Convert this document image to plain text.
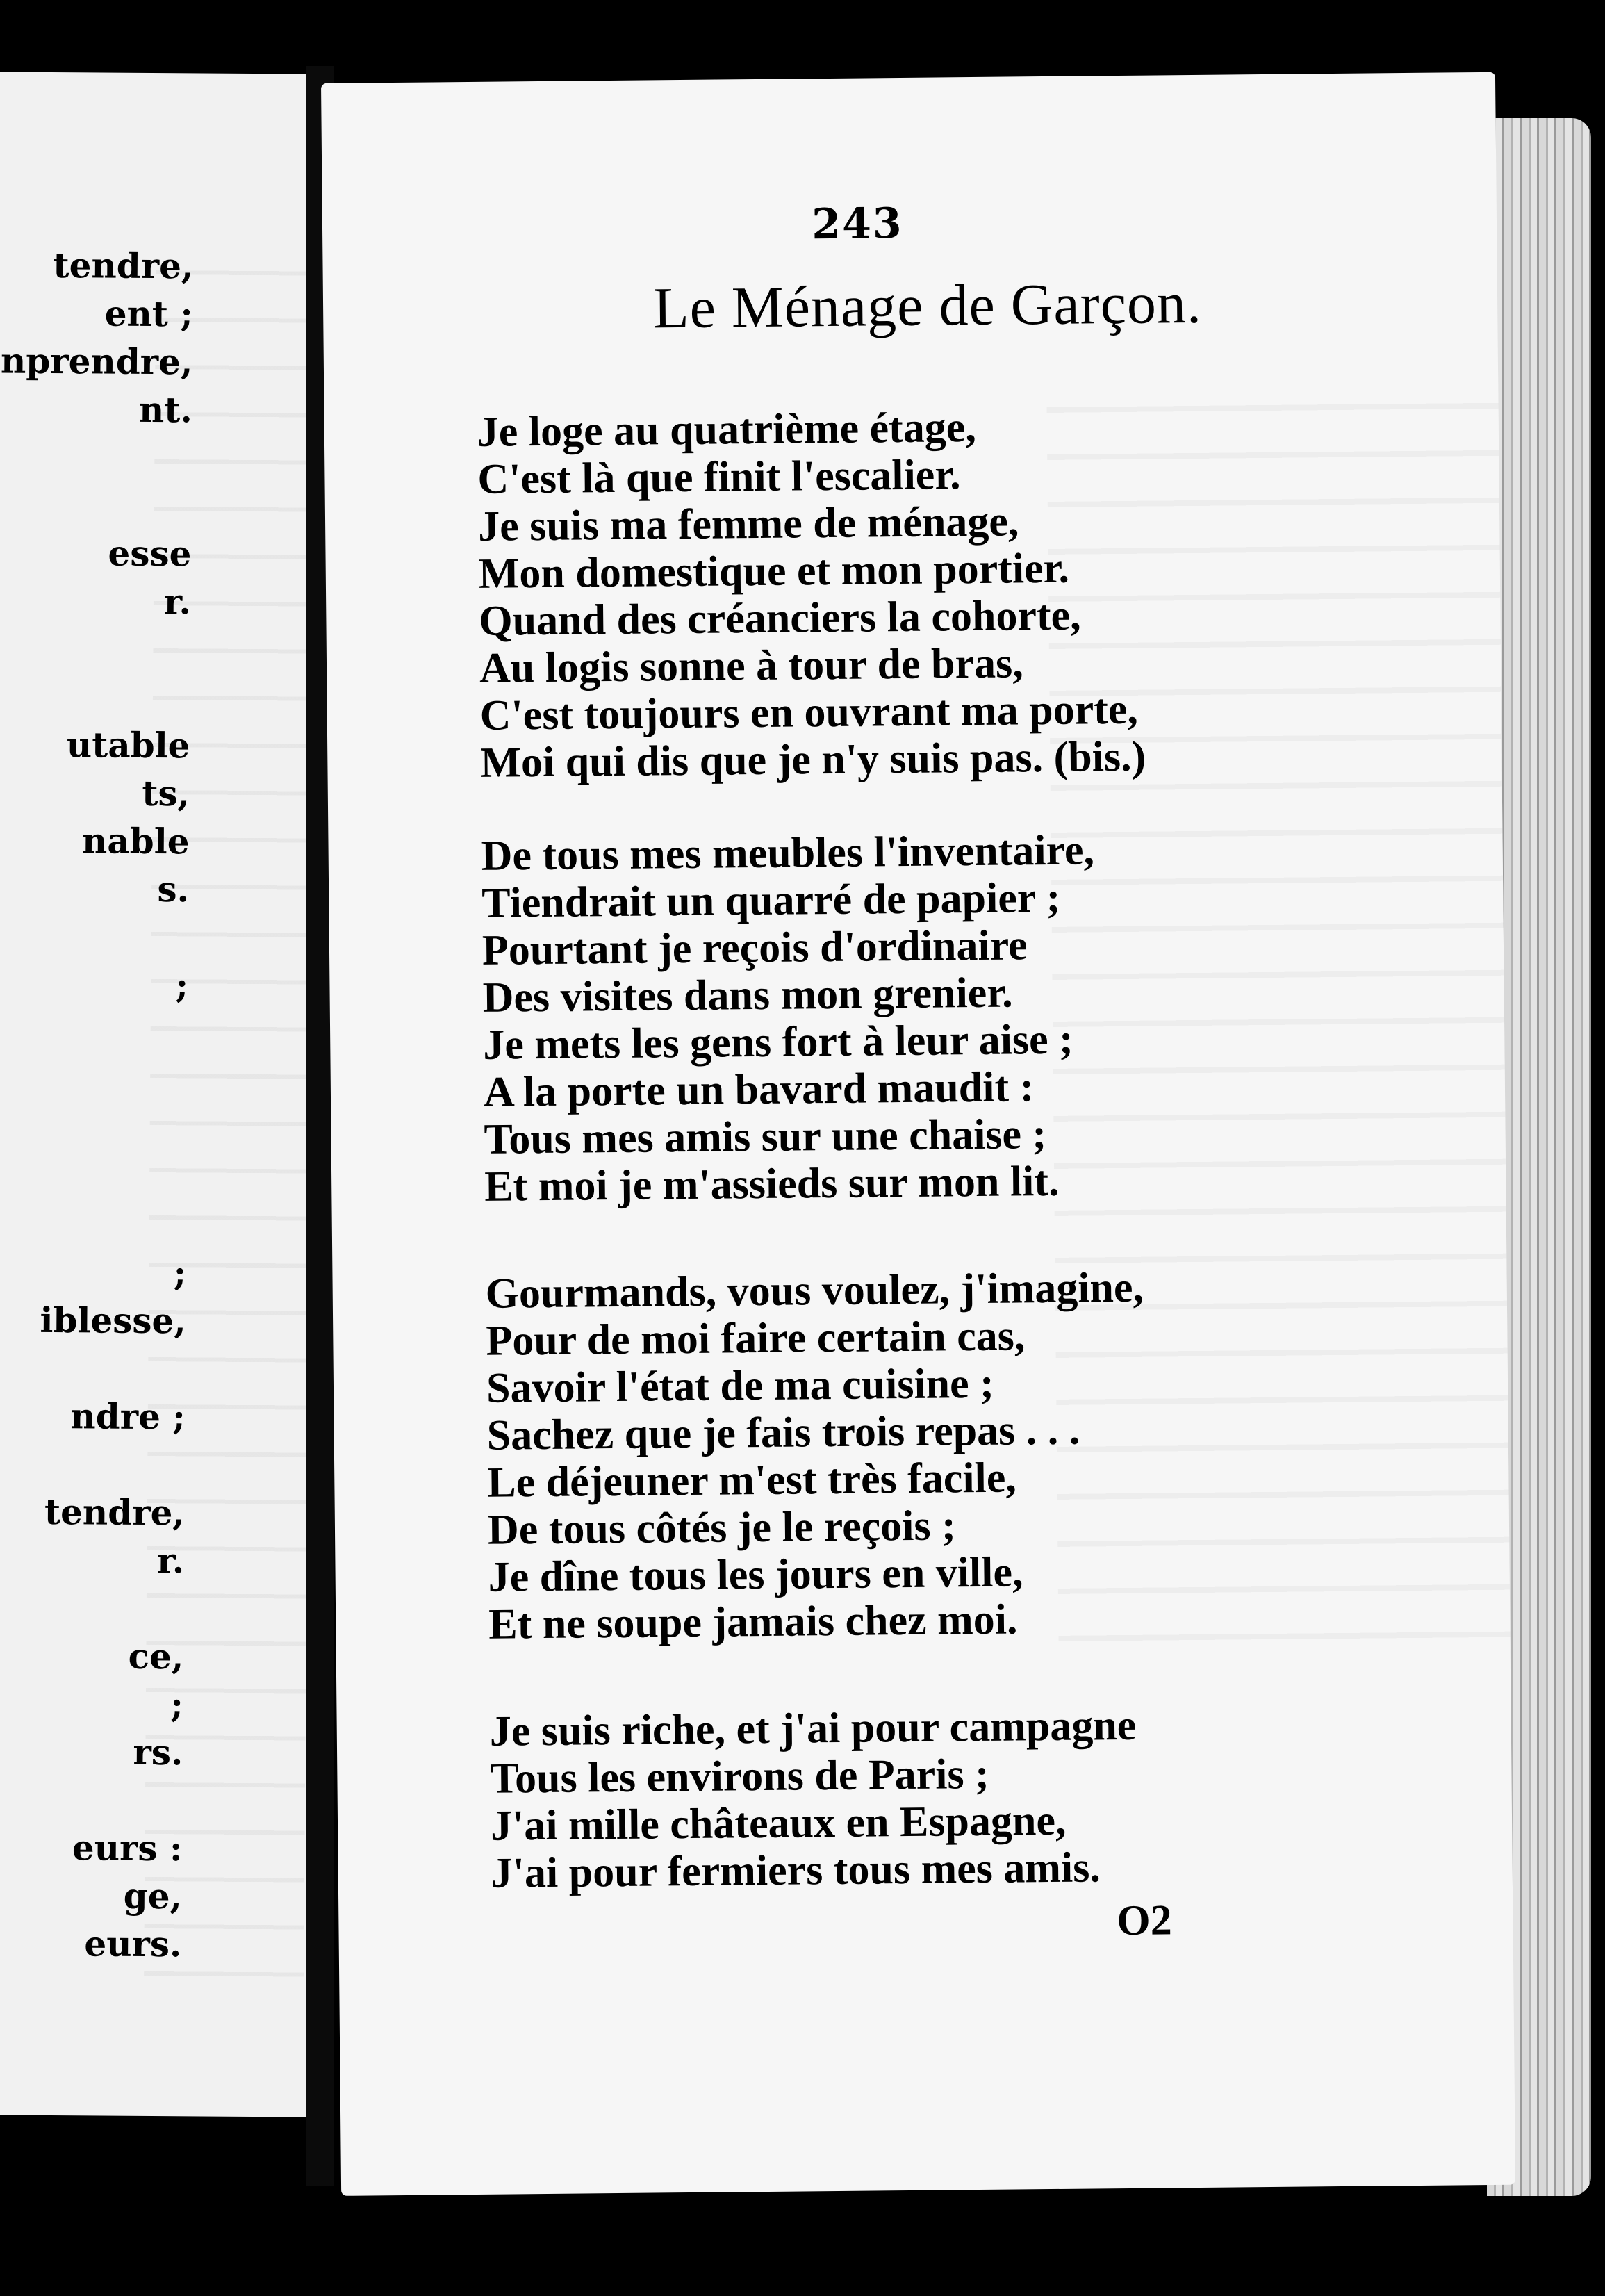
tendre,
ent ;
nprendre,
nt.
esse
r.
utable
ts,
nable
s.
;
;
iblesse,
ndre ;
tendre,
r.
ce,
;
rs.
eurs :
ge,
eurs.
243
Le Ménage de Garçon.
Je loge au quatrième étage,
C'est là que finit l'escalier.
Je suis ma femme de ménage,
Mon domestique et mon portier.
Quand des créanciers la cohorte,
Au logis sonne à tour de bras,
C'est toujours en ouvrant ma porte,
Moi qui dis que je n'y suis pas. (bis.)
De tous mes meubles l'inventaire,
Tiendrait un quarré de papier ;
Pourtant je reçois d'ordinaire
Des visites dans mon grenier.
Je mets les gens fort à leur aise ;
A la porte un bavard maudit :
Tous mes amis sur une chaise ;
Et moi je m'assieds sur mon lit.
Gourmands, vous voulez, j'imagine,
Pour de moi faire certain cas,
Savoir l'état de ma cuisine ;
Sachez que je fais trois repas . . .
Le déjeuner m'est très facile,
De tous côtés je le reçois ;
Je dîne tous les jours en ville,
Et ne soupe jamais chez moi.
Je suis riche, et j'ai pour campagne
Tous les environs de Paris ;
J'ai mille châteaux en Espagne,
J'ai pour fermiers tous mes amis.
O2
